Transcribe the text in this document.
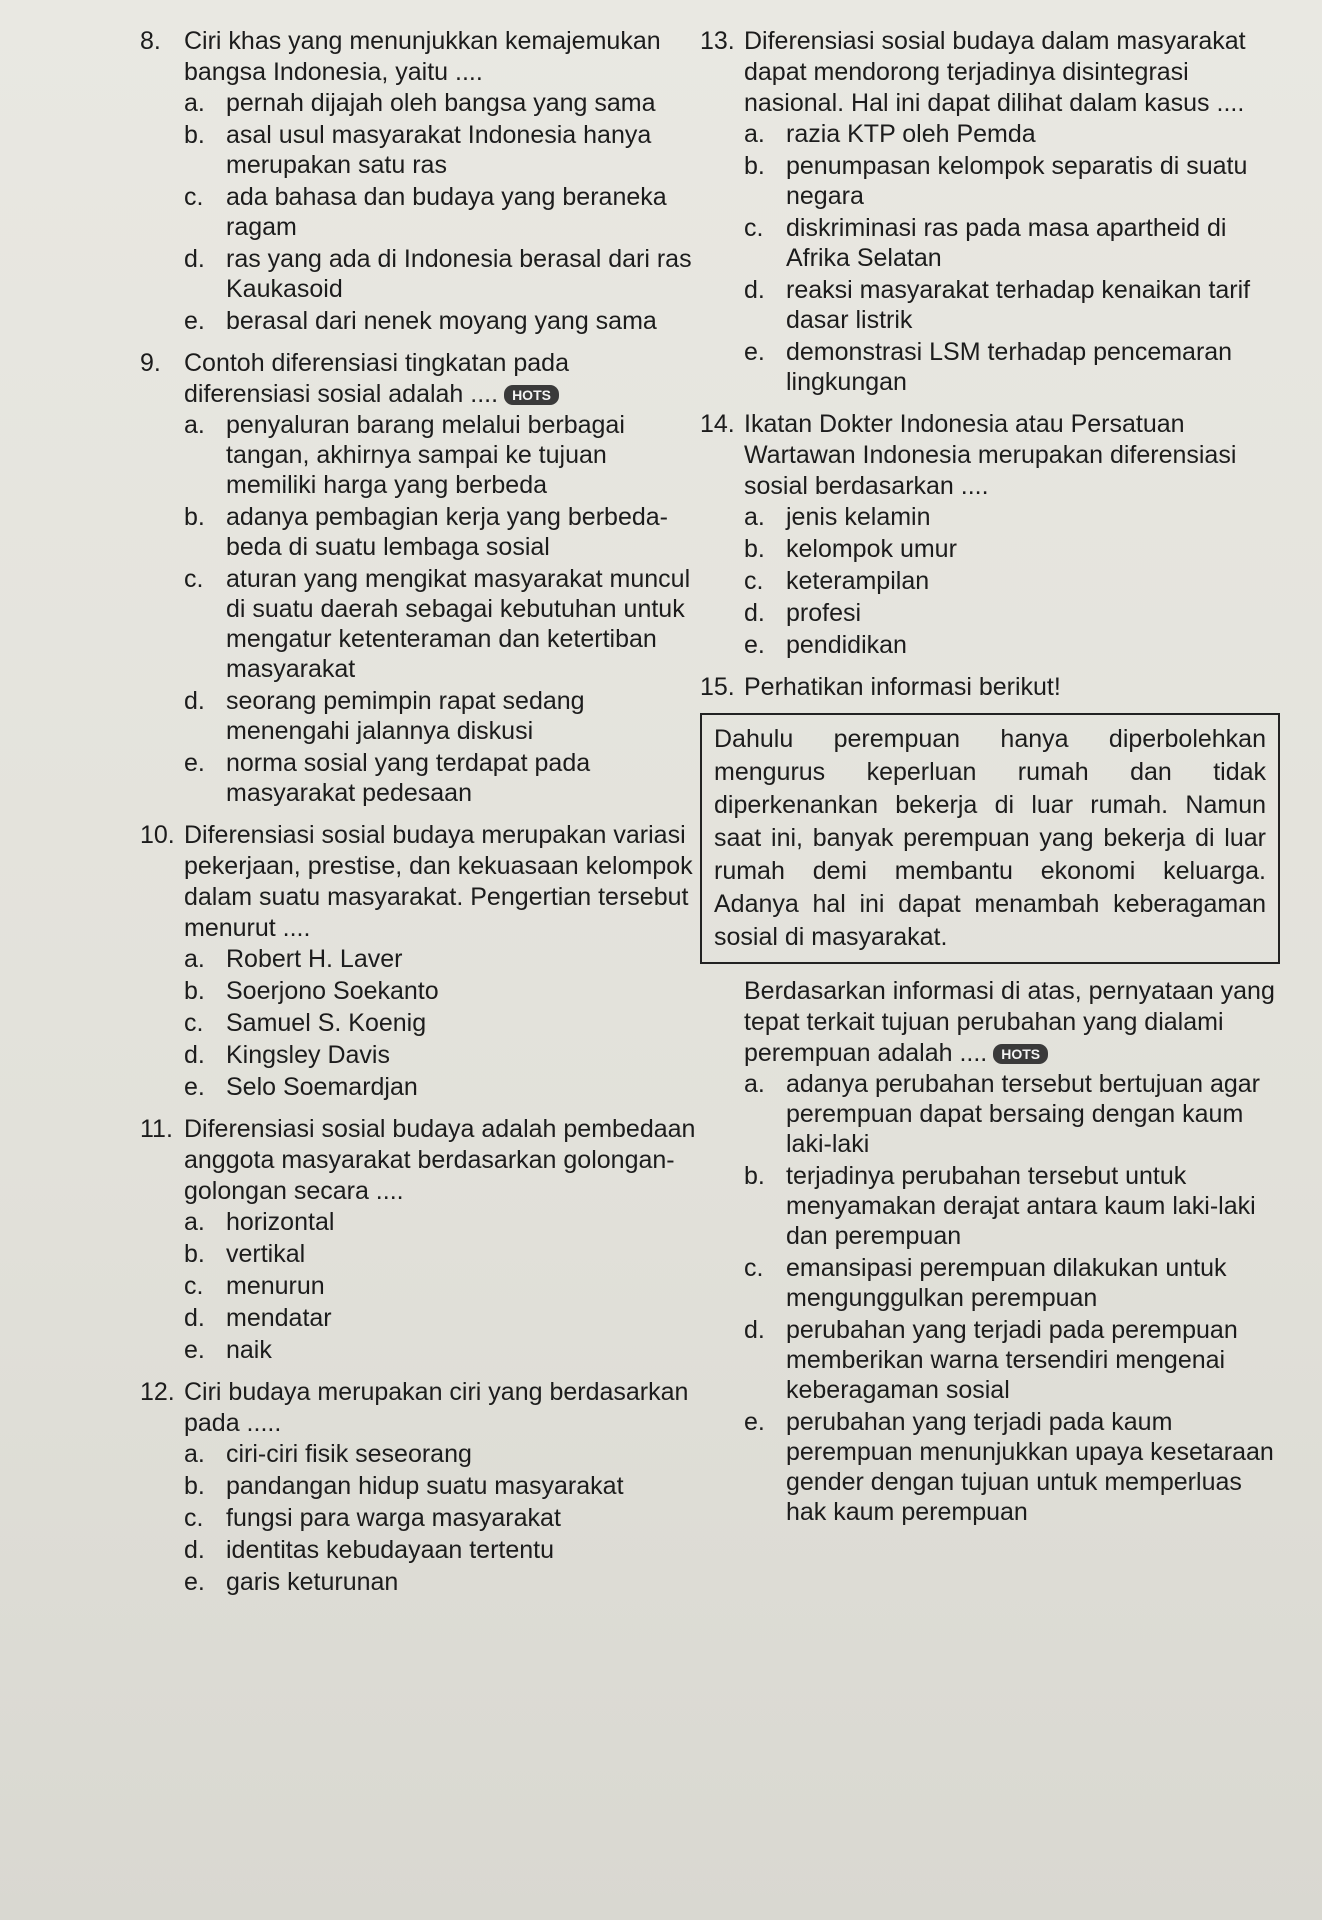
8. Ciri khas yang menunjukkan kemajemukan bangsa Indonesia, yaitu ....
a. pernah dijajah oleh bangsa yang sama
b. asal usul masyarakat Indonesia hanya merupakan satu ras
c. ada bahasa dan budaya yang beraneka ragam
d. ras yang ada di Indonesia berasal dari ras Kaukasoid
e. berasal dari nenek moyang yang sama
9. Contoh diferensiasi tingkatan pada diferensiasi sosial adalah .... HOTS
a. penyaluran barang melalui berbagai tangan, akhirnya sampai ke tujuan memiliki harga yang berbeda
b. adanya pembagian kerja yang berbeda-beda di suatu lembaga sosial
c. aturan yang mengikat masyarakat muncul di suatu daerah sebagai kebutuhan untuk mengatur ketenteraman dan ketertiban masyarakat
d. seorang pemimpin rapat sedang menengahi jalannya diskusi
e. norma sosial yang terdapat pada masyarakat pedesaan
10. Diferensiasi sosial budaya merupakan variasi pekerjaan, prestise, dan kekuasaan kelompok dalam suatu masyarakat. Pengertian tersebut menurut ....
a. Robert H. Laver
b. Soerjono Soekanto
c. Samuel S. Koenig
d. Kingsley Davis
e. Selo Soemardjan
11. Diferensiasi sosial budaya adalah pembedaan anggota masyarakat berdasarkan golongan-golongan secara ....
a. horizontal
b. vertikal
c. menurun
d. mendatar
e. naik
12. Ciri budaya merupakan ciri yang berdasarkan pada .....
a. ciri-ciri fisik seseorang
b. pandangan hidup suatu masyarakat
c. fungsi para warga masyarakat
d. identitas kebudayaan tertentu
e. garis keturunan
13. Diferensiasi sosial budaya dalam masyarakat dapat mendorong terjadinya disintegrasi nasional. Hal ini dapat dilihat dalam kasus ....
a. razia KTP oleh Pemda
b. penumpasan kelompok separatis di suatu negara
c. diskriminasi ras pada masa apartheid di Afrika Selatan
d. reaksi masyarakat terhadap kenaikan tarif dasar listrik
e. demonstrasi LSM terhadap pencemaran lingkungan
14. Ikatan Dokter Indonesia atau Persatuan Wartawan Indonesia merupakan diferensiasi sosial berdasarkan ....
a. jenis kelamin
b. kelompok umur
c. keterampilan
d. profesi
e. pendidikan
15. Perhatikan informasi berikut!
Dahulu perempuan hanya diperbolehkan mengurus keperluan rumah dan tidak diperkenankan bekerja di luar rumah. Namun saat ini, banyak perempuan yang bekerja di luar rumah demi membantu ekonomi keluarga. Adanya hal ini dapat menambah keberagaman sosial di masyarakat.
Berdasarkan informasi di atas, pernyataan yang tepat terkait tujuan perubahan yang dialami perempuan adalah .... HOTS
a. adanya perubahan tersebut bertujuan agar perempuan dapat bersaing dengan kaum laki-laki
b. terjadinya perubahan tersebut untuk menyamakan derajat antara kaum laki-laki dan perempuan
c. emansipasi perempuan dilakukan untuk mengunggulkan perempuan
d. perubahan yang terjadi pada perempuan memberikan warna tersendiri mengenai keberagaman sosial
e. perubahan yang terjadi pada kaum perempuan menunjukkan upaya kesetaraan gender dengan tujuan untuk memperluas hak kaum perempuan
